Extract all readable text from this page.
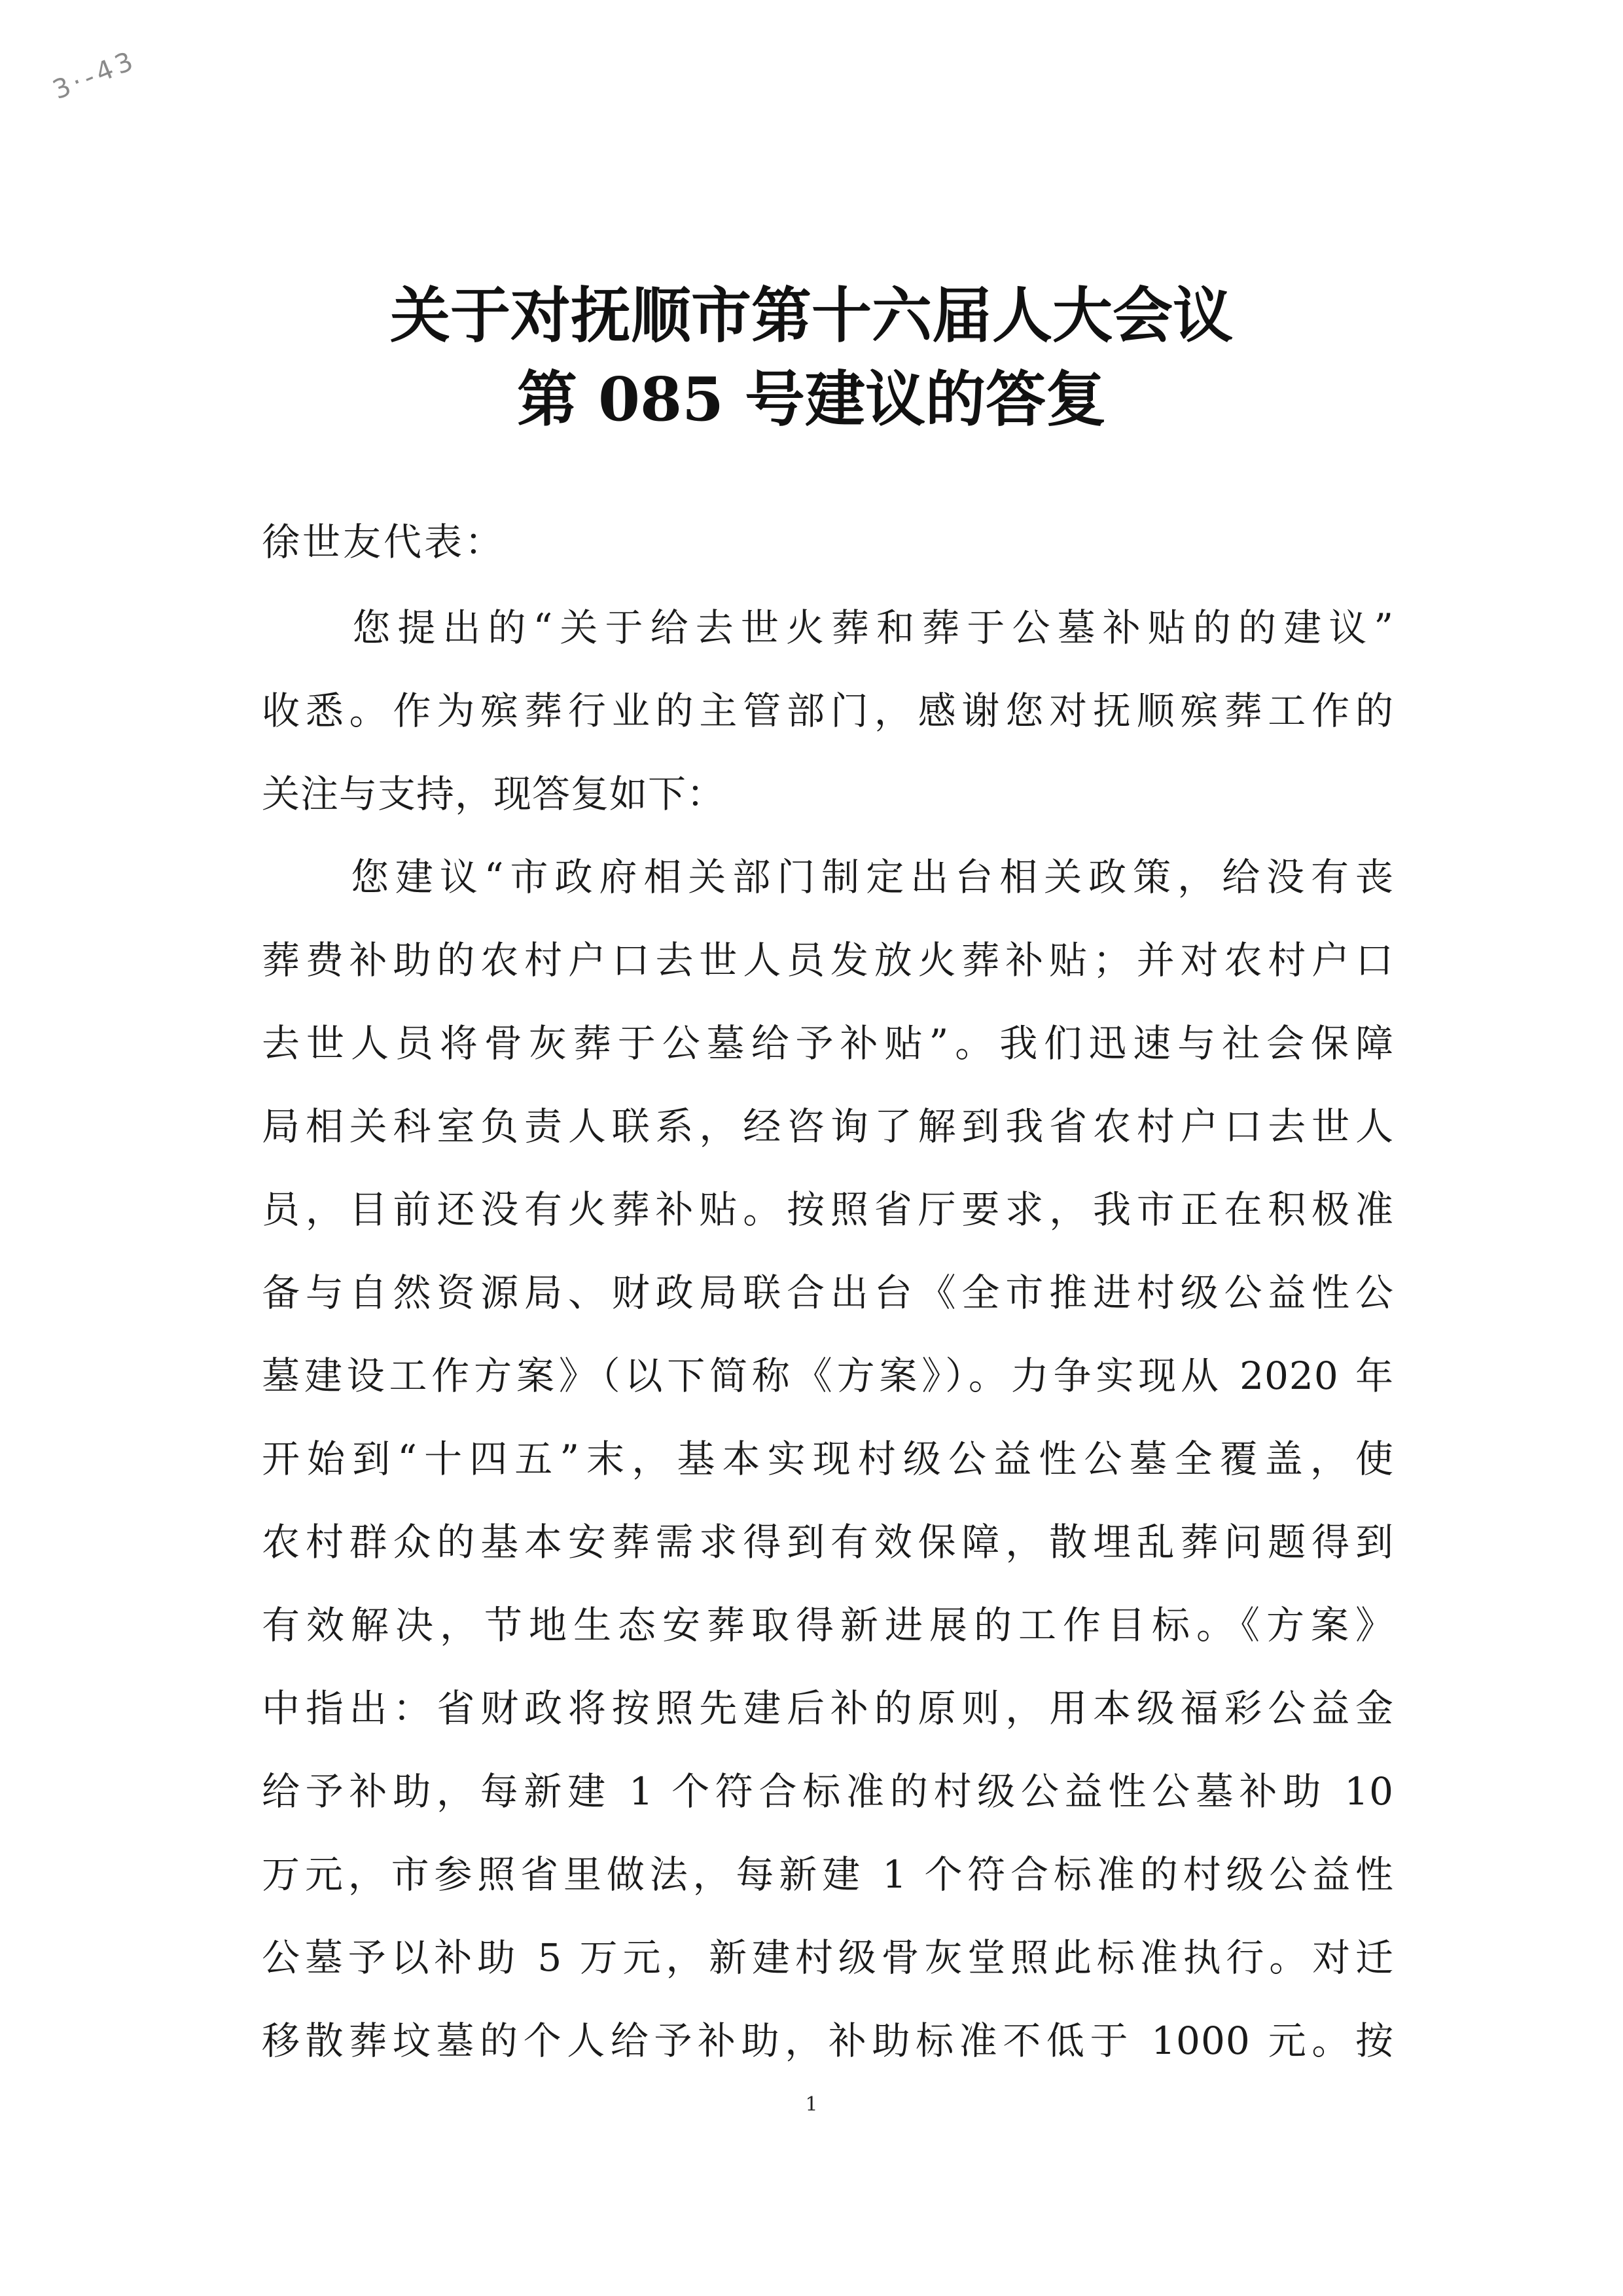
3·-43
关于对抚顺市第十六届人大会议
第 085 号建议的答复
徐世友代表：
　　您提出的“关于给去世火葬和葬于公墓补贴的的建议”
收悉。作为殡葬行业的主管部门，感谢您对抚顺殡葬工作的
关注与支持，现答复如下：
　　您建议“市政府相关部门制定出台相关政策，给没有丧
葬费补助的农村户口去世人员发放火葬补贴；并对农村户口
去世人员将骨灰葬于公墓给予补贴”。我们迅速与社会保障
局相关科室负责人联系，经咨询了解到我省农村户口去世人
员，目前还没有火葬补贴。按照省厅要求，我市正在积极准
备与自然资源局、财政局联合出台《全市推进村级公益性公
墓建设工作方案》（以下简称《方案》）。力争实现从 2020 年
开始到“十四五”末，基本实现村级公益性公墓全覆盖，使
农村群众的基本安葬需求得到有效保障，散埋乱葬问题得到
有效解决，节地生态安葬取得新进展的工作目标。《方案》
中指出：省财政将按照先建后补的原则，用本级福彩公益金
给予补助，每新建 1 个符合标准的村级公益性公墓补助 10
万元，市参照省里做法，每新建 1 个符合标准的村级公益性
公墓予以补助 5 万元，新建村级骨灰堂照此标准执行。对迁
移散葬坟墓的个人给予补助，补助标准不低于 1000 元。按
1
